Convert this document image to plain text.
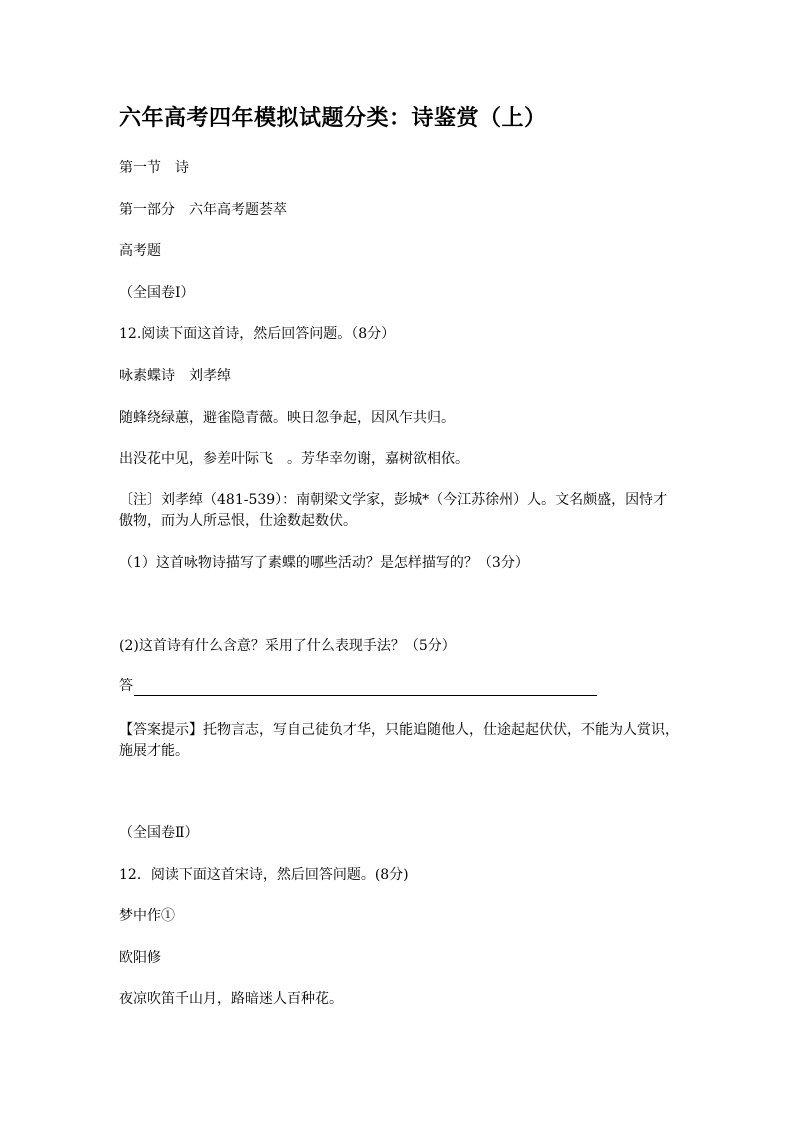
六年高考四年模拟试题分类：诗鉴赏（上）
第一节　诗
第一部分　六年高考题荟萃
高考题
（全国卷Ⅰ）
12.阅读下面这首诗，然后回答问题。（8分）
咏素蝶诗　刘孝绰
随蜂绕绿蕙，避雀隐青薇。映日忽争起，因风乍共归。
出没花中见，参差叶际飞　。芳华幸勿谢，嘉树欲相依。
〔注〕刘孝绰（481-539）：南朝梁文学家，彭城*（今江苏徐州）人。文名颇盛，因恃才傲物，而为人所忌恨，仕途数起数伏。
（1）这首咏物诗描写了素蝶的哪些活动？是怎样描写的？（3分）
(2)这首诗有什么含意？采用了什么表现手法？（5分）
答
【答案提示】托物言志，写自己徒负才华，只能追随他人，仕途起起伏伏，不能为人赏识，施展才能。
（全国卷Ⅱ）
12．阅读下面这首宋诗，然后回答问题。(8分)
梦中作①
欧阳修
夜凉吹笛千山月，路暗迷人百种花。
